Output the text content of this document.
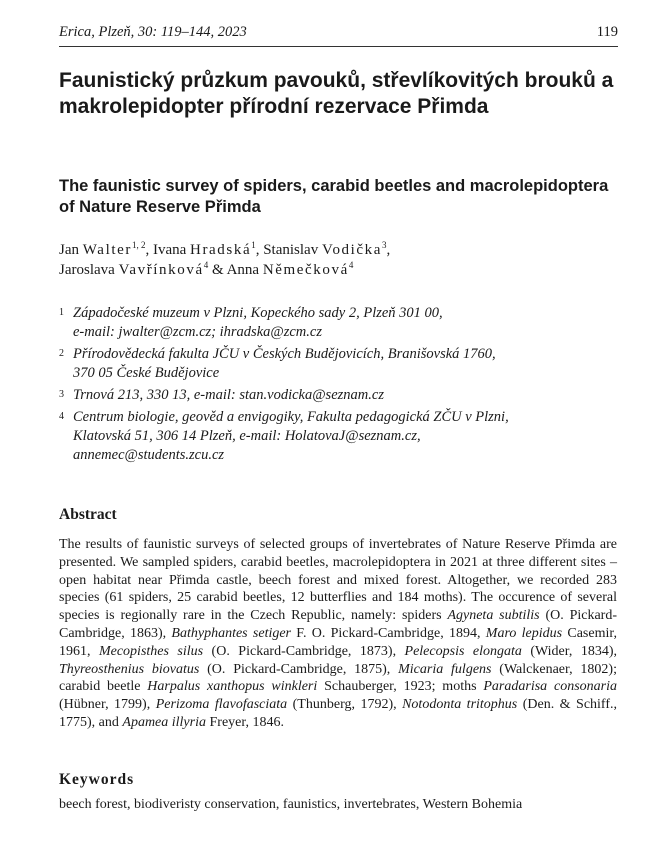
Erica, Plzeň, 30: 119–144, 2023	119
Faunistický průzkum pavouků, střevlíkovitých brouků a makrolepidopter přírodní rezervace Přimda
The faunistic survey of spiders, carabid beetles and macrolepidoptera of Nature Reserve Přimda
Jan Walter$^{1, 2}$, Ivana Hradská$^1$, Stanislav Vodička$^3$,
Jaroslava Vavřínková$^4$ & Anna Němečková$^4$
1 Západočeské muzeum v Plzni, Kopeckého sady 2, Plzeň 301 00,
e-mail: jwalter@zcm.cz; ihradska@zcm.cz
2 Přírodovědecká fakulta JČU v Českých Budějovicích, Branišovská 1760,
370 05 České Budějovice
3 Trnová 213, 330 13, e-mail: stan.vodicka@seznam.cz
4 Centrum biologie, geověd a envigogiky, Fakulta pedagogická ZČU v Plzni,
Klatovská 51, 306 14 Plzeň, e-mail: HolatovaJ@seznam.cz,
annemec@students.zcu.cz
Abstract
The results of faunistic surveys of selected groups of invertebrates of Nature Reserve Přimda are presented. We sampled spiders, carabid beetles, macrolepidoptera in 2021 at three different sites – open habitat near Přimda castle, beech forest and mixed forest. Altogether, we recorded 283 species (61 spiders, 25 carabid beetles, 12 butterflies and 184 moths). The occurence of several species is regionally rare in the Czech Republic, namely: spiders Agyneta subtilis (O. Pickard-Cambridge, 1863), Bathyphantes setiger F. O. Pickard-Cambridge, 1894, Maro lepidus Casemir, 1961, Mecopisthes silus (O. Pickard-Cambridge, 1873), Pelecopsis elongata (Wider, 1834), Thyreosthenius biovatus (O. Pickard-Cambridge, 1875), Micaria fulgens (Walckenaer, 1802); carabid beetle Harpalus xanthopus winkleri Schauberger, 1923; moths Paradarisa consonaria (Hübner, 1799), Perizoma flavofasciata (Thunberg, 1792), Notodonta tritophus (Den. & Schiff., 1775), and Apamea illyria Freyer, 1846.
Keywords
beech forest, biodiveristy conservation, faunistics, invertebrates, Western Bohemia
